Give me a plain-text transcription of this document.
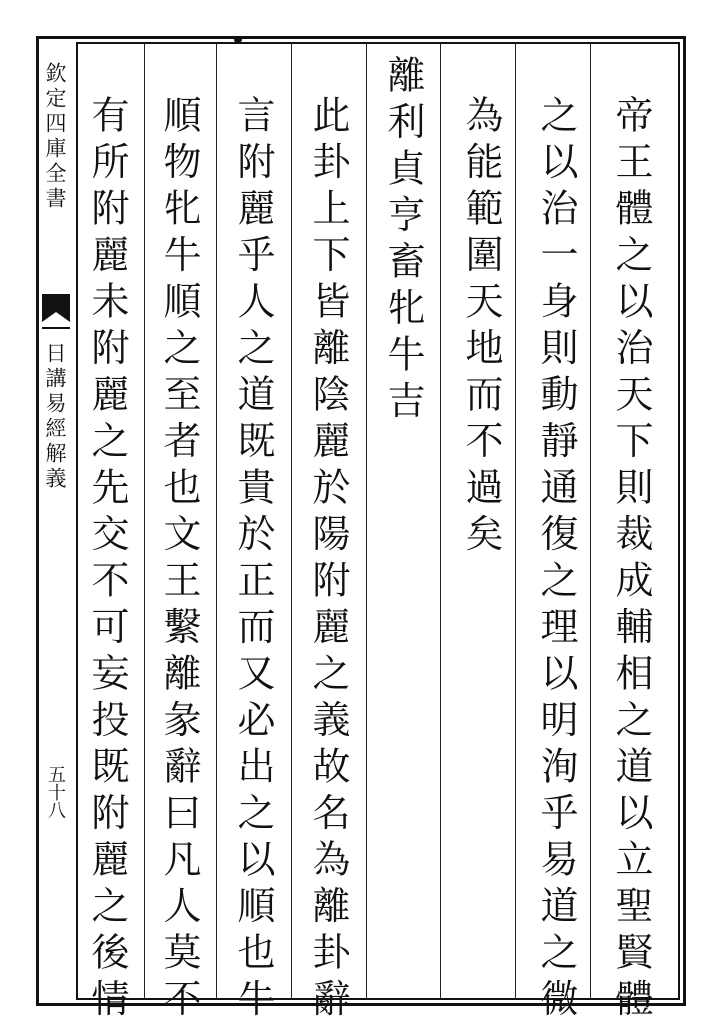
欽定四庫全書
日講易經解義
五十八	帝王體之以治天下則裁成輔相之道以立聖賢體
之以治一身則動靜通復之理以明洵乎易道之微
為能範圍天地而不過矣
離利貞亨畜牝牛吉
此卦上下皆離陰麗於陽附麗之義故名為離卦辭
言附麗乎人之道既貴於正而又必出之以順也牛
順物牝牛順之至者也文王繫離彖辭曰凡人莫不
有所附麗未附麗之先交不可妄投既附麗之後情
